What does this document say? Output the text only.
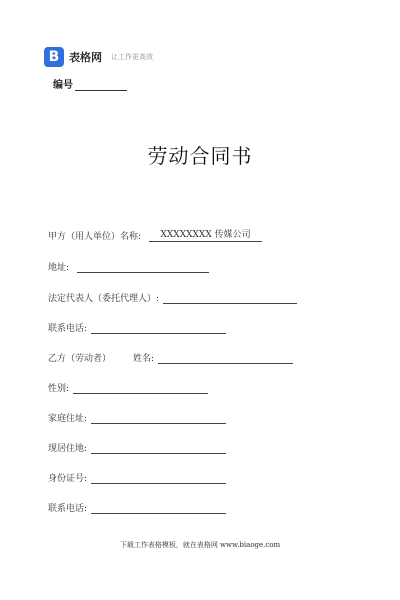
B 表格网 让工作更高效
编号
劳动合同书
甲方（用人单位）名称:	XXXXXXXX 传媒公司
地址:
法定代表人（委托代理人）:
联系电话:
乙方（劳动者） 姓名:
性别:
家庭住址:
现居住地:
身份证号:
联系电话:
下载工作表格模板，就在表格网 www.biaoge.com
